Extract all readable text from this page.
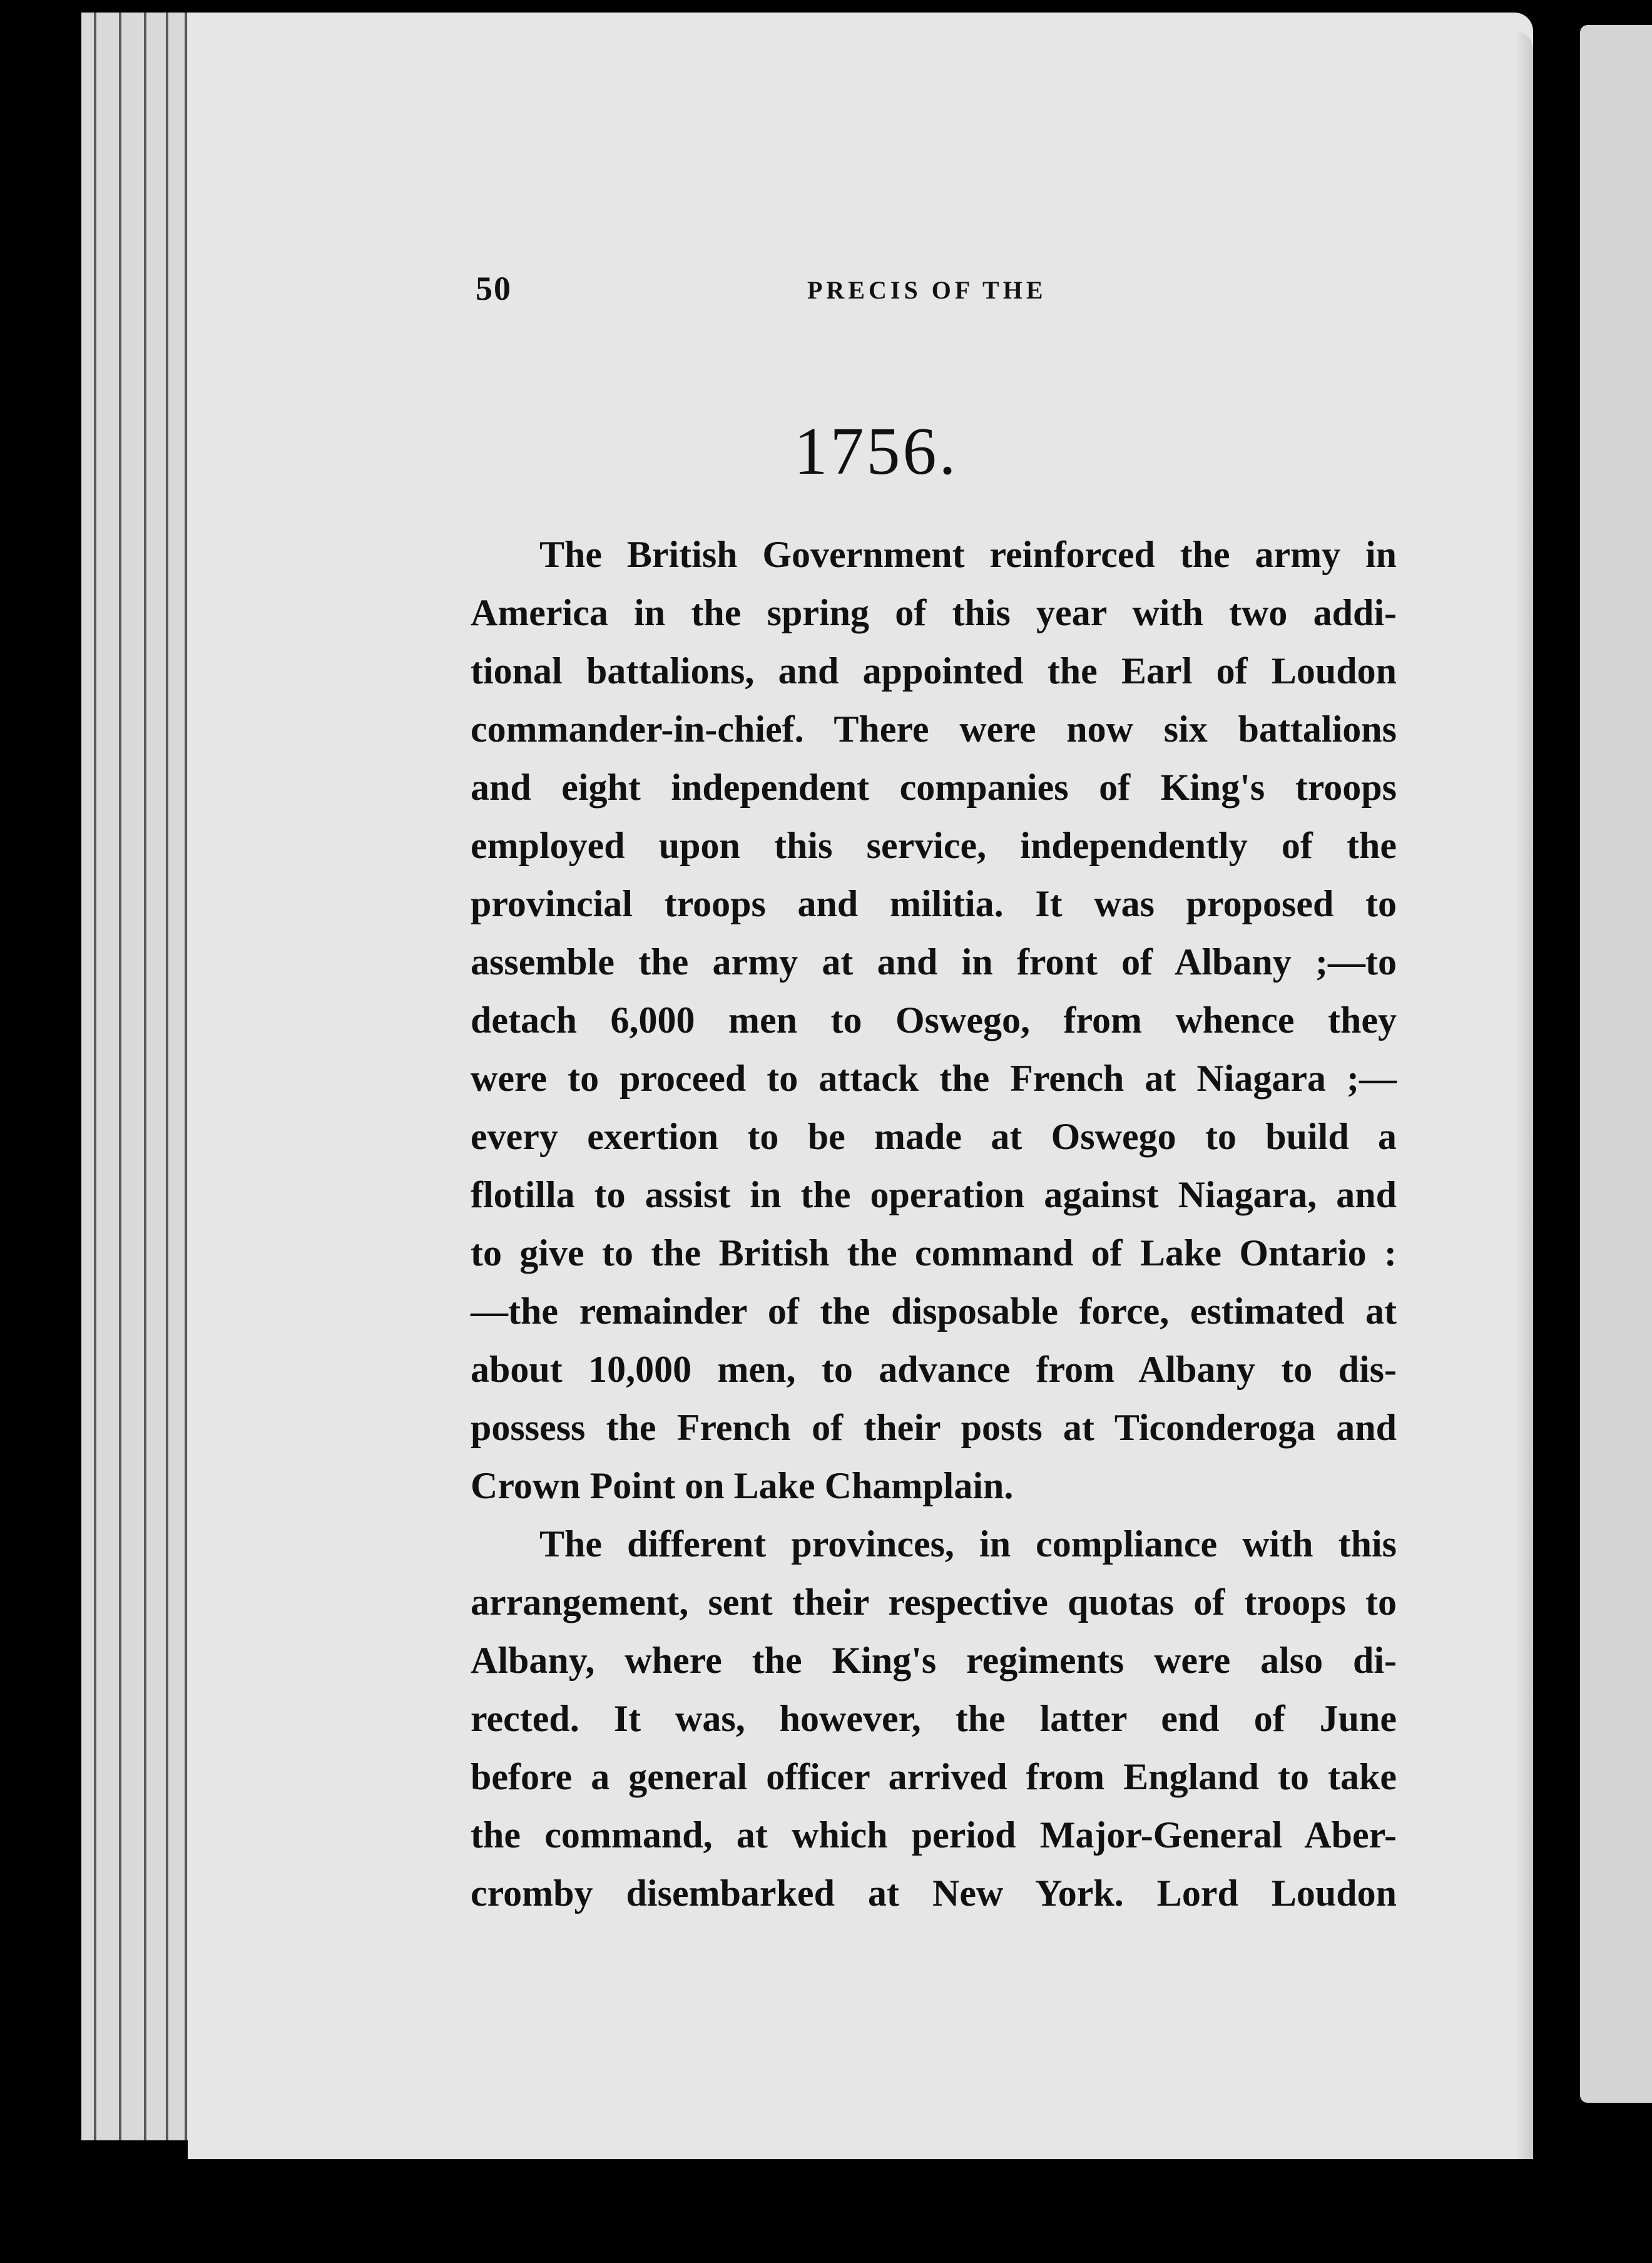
50	PRECIS OF THE
1756.
The British Government reinforced the army in
America in the spring of this year with two addi-
tional battalions, and appointed the Earl of Loudon
commander-in-chief. There were now six battalions
and eight independent companies of King's troops
employed upon this service, independently of the
provincial troops and militia. It was proposed to
assemble the army at and in front of Albany ;—to
detach 6,000 men to Oswego, from whence they
were to proceed to attack the French at Niagara ;—
every exertion to be made at Oswego to build a
flotilla to assist in the operation against Niagara, and
to give to the British the command of Lake Ontario :
—the remainder of the disposable force, estimated at
about 10,000 men, to advance from Albany to dis-
possess the French of their posts at Ticonderoga and
Crown Point on Lake Champlain.
The different provinces, in compliance with this
arrangement, sent their respective quotas of troops to
Albany, where the King's regiments were also di-
rected. It was, however, the latter end of June
before a general officer arrived from England to take
the command, at which period Major-General Aber-
cromby disembarked at New York. Lord Loudon
